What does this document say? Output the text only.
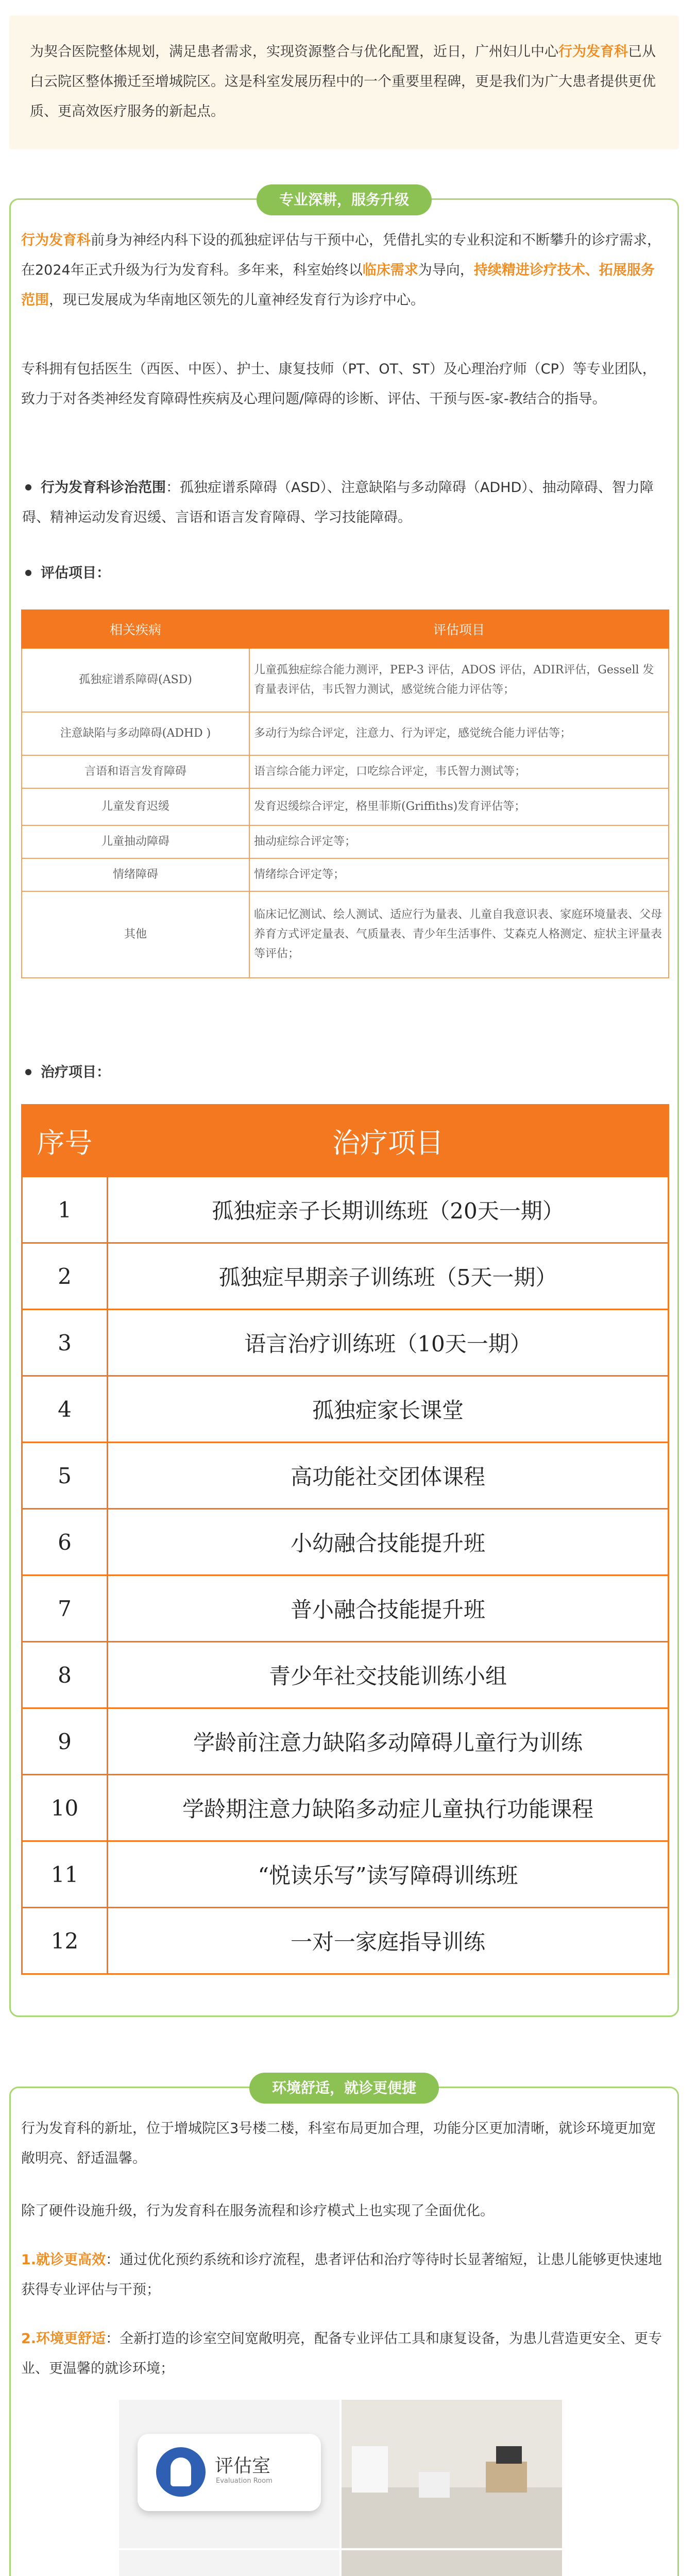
为契合医院整体规划，满足患者需求，实现资源整合与优化配置，近日，广州妇儿中心行为发育科已从白云院区整体搬迁至增城院区。这是科室发展历程中的一个重要里程碑，更是我们为广大患者提供更优质、更高效医疗服务的新起点。
专业深耕，服务升级
行为发育科前身为神经内科下设的孤独症评估与干预中心，凭借扎实的专业积淀和不断攀升的诊疗需求，在2024年正式升级为行为发育科。多年来，科室始终以临床需求为导向，持续精进诊疗技术、拓展服务范围，现已发展成为华南地区领先的儿童神经发育行为诊疗中心。
专科拥有包括医生（西医、中医）、护士、康复技师（PT、OT、ST）及心理治疗师（CP）等专业团队，致力于对各类神经发育障碍性疾病及心理问题/障碍的诊断、评估、干预与医-家-教结合的指导。
行为发育科诊治范围：孤独症谱系障碍（ASD）、注意缺陷与多动障碍（ADHD）、抽动障碍、智力障碍、精神运动发育迟缓、言语和语言发育障碍、学习技能障碍。
评估项目：
相关疾病	评估项目
孤独症谱系障碍(ASD)	儿童孤独症综合能力测评，PEP-3 评估，ADOS 评估，ADIR评估，Gessell 发育量表评估，韦氏智力测试，感觉统合能力评估等；
注意缺陷与多动障碍(ADHD )	多动行为综合评定，注意力、行为评定，感觉统合能力评估等；
言语和语言发育障碍	语言综合能力评定，口吃综合评定，韦氏智力测试等；
儿童发育迟缓	发育迟缓综合评定，格里菲斯(Griffiths)发育评估等；
儿童抽动障碍	抽动症综合评定等；
情绪障碍	情绪综合评定等；
其他	临床记忆测试、绘人测试、适应行为量表、儿童自我意识表、家庭环境量表、父母养育方式评定量表、气质量表、青少年生活事件、艾森克人格测定、症状主评量表等评估；
治疗项目：
序号	治疗项目
1	孤独症亲子长期训练班（20天一期）
2	孤独症早期亲子训练班（5天一期）
3	语言治疗训练班（10天一期）
4	孤独症家长课堂
5	高功能社交团体课程
6	小幼融合技能提升班
7	普小融合技能提升班
8	青少年社交技能训练小组
9	学龄前注意力缺陷多动障碍儿童行为训练
10	学龄期注意力缺陷多动症儿童执行功能课程
11	“悦读乐写”读写障碍训练班
12	一对一家庭指导训练
环境舒适，就诊更便捷
行为发育科的新址，位于增城院区3号楼二楼，科室布局更加合理，功能分区更加清晰，就诊环境更加宽敞明亮、舒适温馨。
除了硬件设施升级，行为发育科在服务流程和诊疗模式上也实现了全面优化。
1.就诊更高效：通过优化预约系统和诊疗流程，患者评估和治疗等待时长显著缩短，让患儿能够更快速地获得专业评估与干预；
2.环境更舒适：全新打造的诊室空间宽敞明亮，配备专业评估工具和康复设备，为患儿营造更安全、更专业、更温馨的就诊环境；
评估室
Evaluation Room
